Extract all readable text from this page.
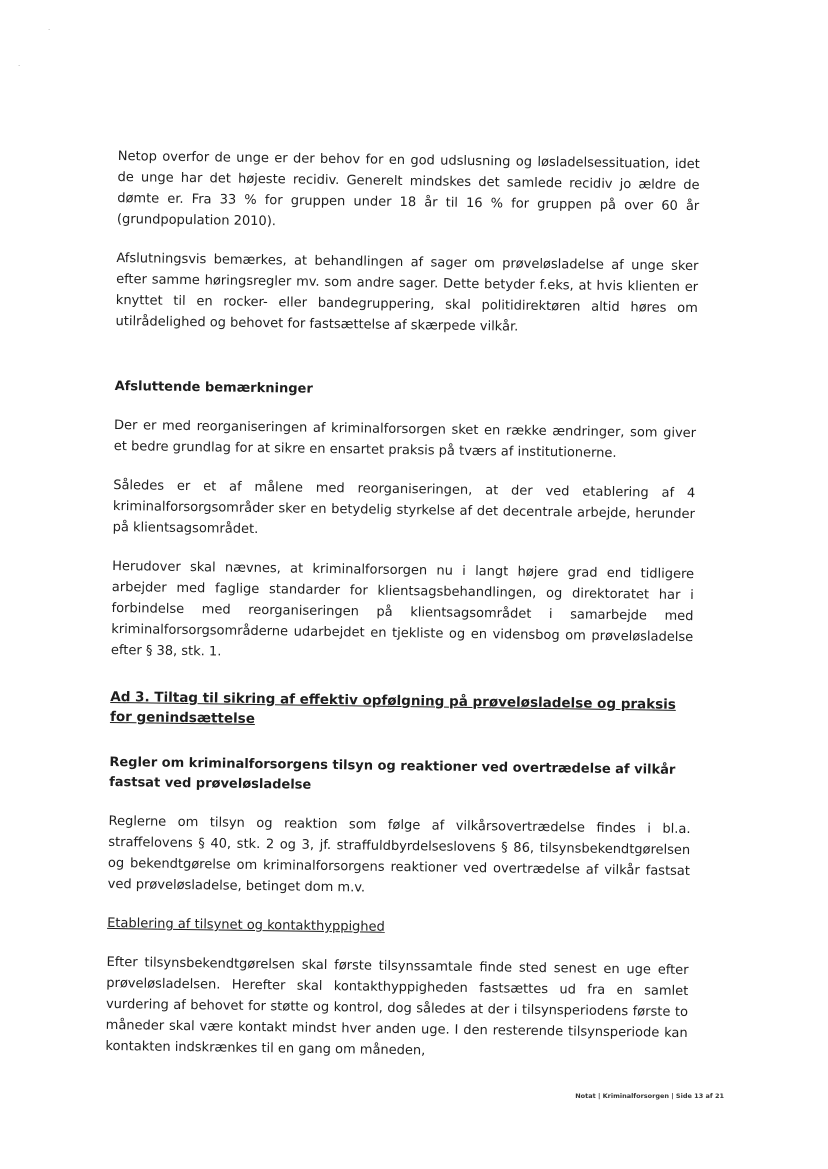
.
.

Netop overfor de unge er der behov for en god udslusning og løsladelsessituation, idet de unge har det højeste recidiv. Generelt mindskes det samlede recidiv jo ældre de dømte er. Fra 33 % for gruppen under 18 år til 16 % for gruppen på over 60 år (grundpopulation 2010).

Afslutningsvis bemærkes, at behandlingen af sager om prøveløsladelse af unge sker efter samme høringsregler mv. som andre sager. Dette betyder f.eks, at hvis klienten er knyttet til en rocker- eller bandegruppering, skal politidirektøren altid høres om utilrådelighed og behovet for fastsættelse af skærpede vilkår.

Afsluttende bemærkninger

Der er med reorganiseringen af kriminalforsorgen sket en række ændringer, som giver et bedre grundlag for at sikre en ensartet praksis på tværs af institutionerne.

Således er et af målene med reorganiseringen, at der ved etablering af 4 kriminalforsorgsområder sker en betydelig styrkelse af det decentrale arbejde, herunder på klientsagsområdet.

Herudover skal nævnes, at kriminalforsorgen nu i langt højere grad end tidligere arbejder med faglige standarder for klientsagsbehandlingen, og direktoratet har i forbindelse med reorganiseringen på klientsagsområdet i samarbejde med kriminalforsorgsområderne udarbejdet en tjekliste og en vidensbog om prøveløsladelse efter § 38, stk. 1.

Ad 3. Tiltag til sikring af effektiv opfølgning på prøveløsladelse og praksis for genindsættelse
Regler om kriminalforsorgens tilsyn og reaktioner ved overtrædelse af vilkår fastsat ved prøveløsladelse

Reglerne om tilsyn og reaktion som følge af vilkårsovertrædelse findes i bl.a. straffelovens § 40, stk. 2 og 3, jf. straffuldbyrdelseslovens § 86, tilsynsbekendtgørelsen og bekendtgørelse om kriminalforsorgens reaktioner ved overtrædelse af vilkår fastsat ved prøveløsladelse, betinget dom m.v.

Etablering af tilsynet og kontakthyppighed

Efter tilsynsbekendtgørelsen skal første tilsynssamtale finde sted senest en uge efter prøveløsladelsen. Herefter skal kontakthyppigheden fastsættes ud fra en samlet vurdering af behovet for støtte og kontrol, dog således at der i tilsynsperiodens første to måneder skal være kontakt mindst hver anden uge. I den resterende tilsynsperiode kan kontakten indskrænkes til en gang om måneden,

Notat | Kriminalforsorgen | Side 13 af 21
